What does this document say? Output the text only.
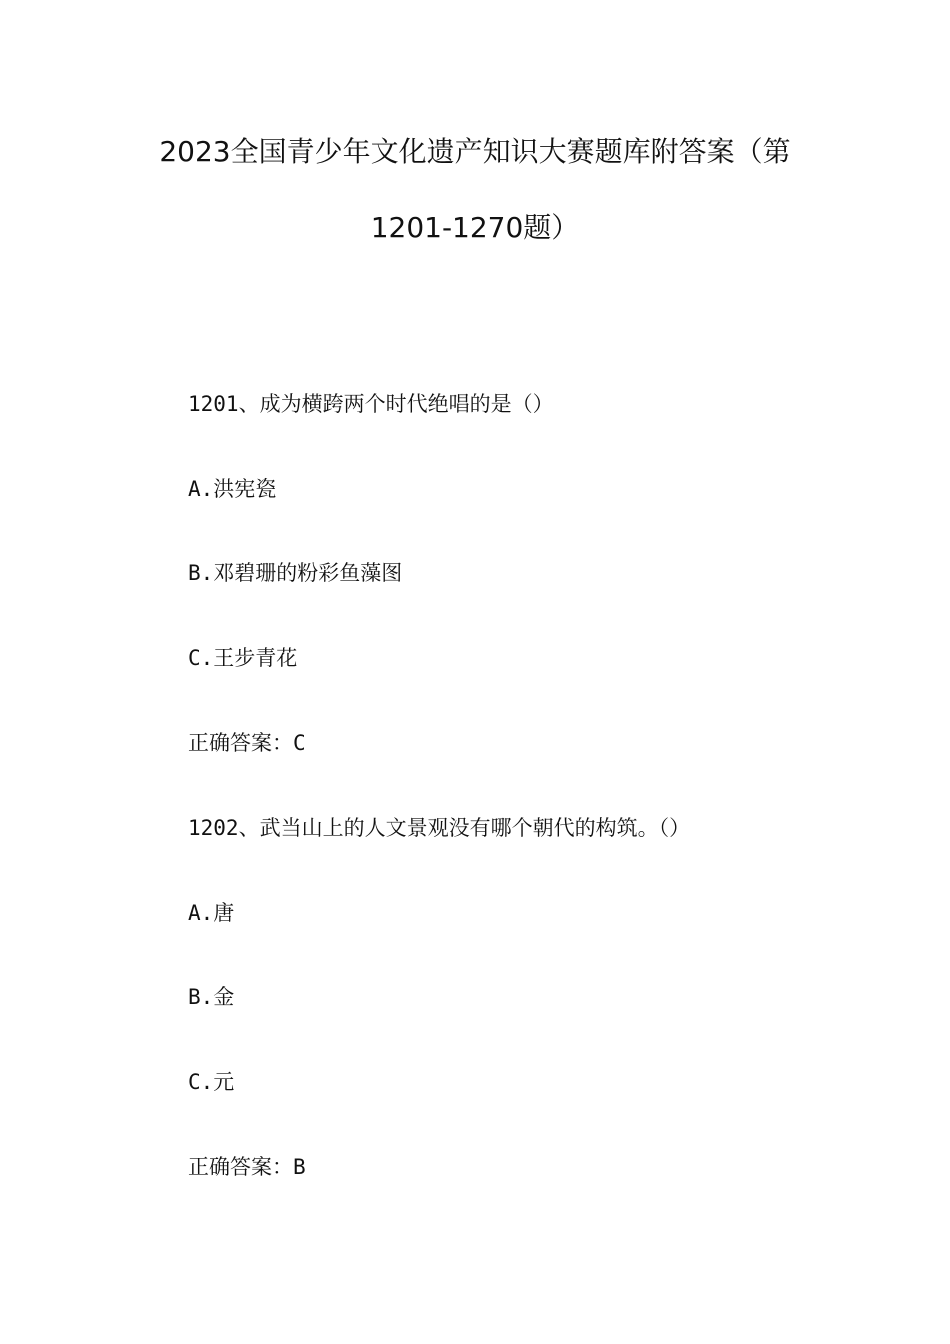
2023全国青少年文化遗产知识大赛题库附答案（第
1201-1270题）
1201、成为横跨两个时代绝唱的是（）
A.洪宪瓷
B.邓碧珊的粉彩鱼藻图
C.王步青花
正确答案：C
1202、武当山上的人文景观没有哪个朝代的构筑。（）
A.唐
B.金
C.元
正确答案：B
